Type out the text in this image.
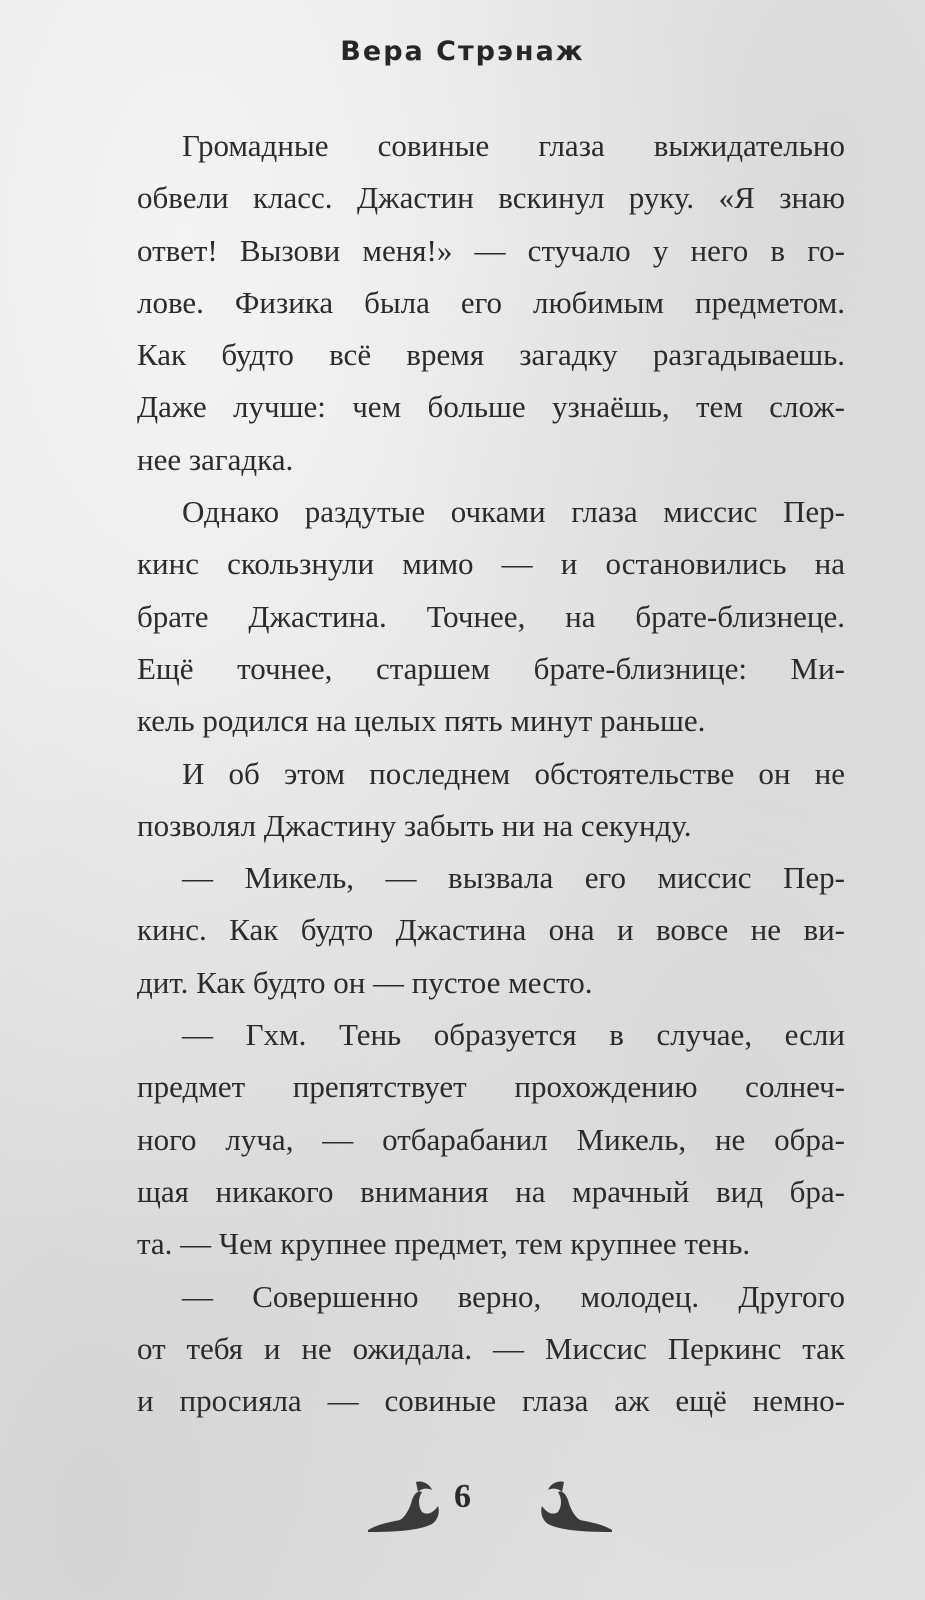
Вера Стрэнаж
Громадные совиные глаза выжидательно
обвели класс. Джастин вскинул руку. «Я знаю
ответ! Вызови меня!» — стучало у него в го-
лове. Физика была его любимым предметом.
Как будто всё время загадку разгадываешь.
Даже лучше: чем больше узнаёшь, тем слож-
нее загадка.
Однако раздутые очками глаза миссис Пер-
кинс скользнули мимо — и остановились на
брате Джастина. Точнее, на брате-близнеце.
Ещё точнее, старшем брате-близнице: Ми-
кель родился на целых пять минут раньше.
И об этом последнем обстоятельстве он не
позволял Джастину забыть ни на секунду.
— Микель, — вызвала его миссис Пер-
кинс. Как будто Джастина она и вовсе не ви-
дит. Как будто он — пустое место.
— Гхм. Тень образуется в случае, если
предмет препятствует прохождению солнеч-
ного луча, — отбарабанил Микель, не обра-
щая никакого внимания на мрачный вид бра-
та. — Чем крупнее предмет, тем крупнее тень.
— Совершенно верно, молодец. Другого
от тебя и не ожидала. — Миссис Перкинс так
и просияла — совиные глаза аж ещё немно-
6
